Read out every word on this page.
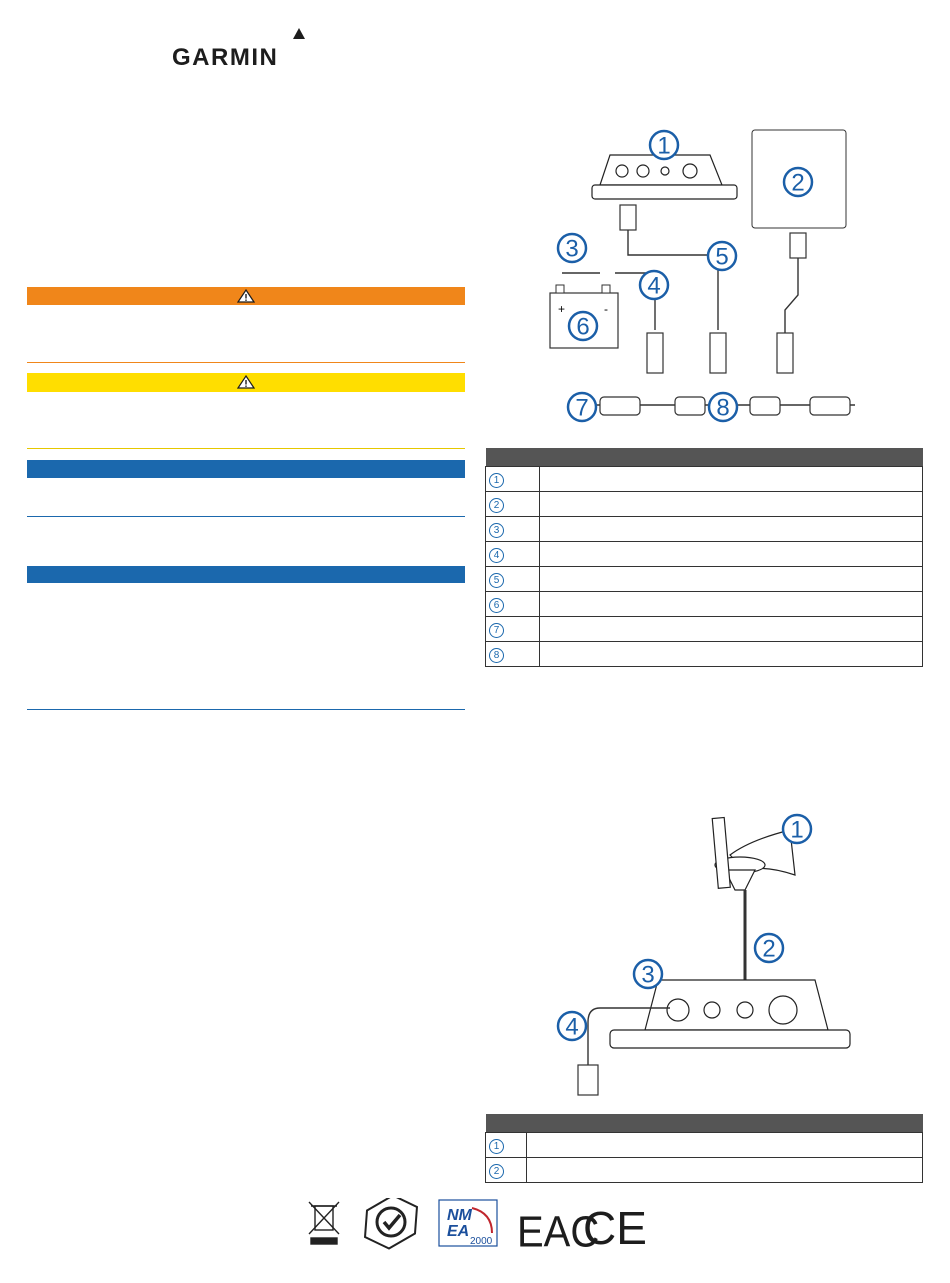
GARMIN
+	-
1
2
3
4
5
6
7	8

1	
2	
3	
4	
5	
6	
7	
8	
1
2
3
4

1	
2	
NM
EA
2000 EAC
CE
